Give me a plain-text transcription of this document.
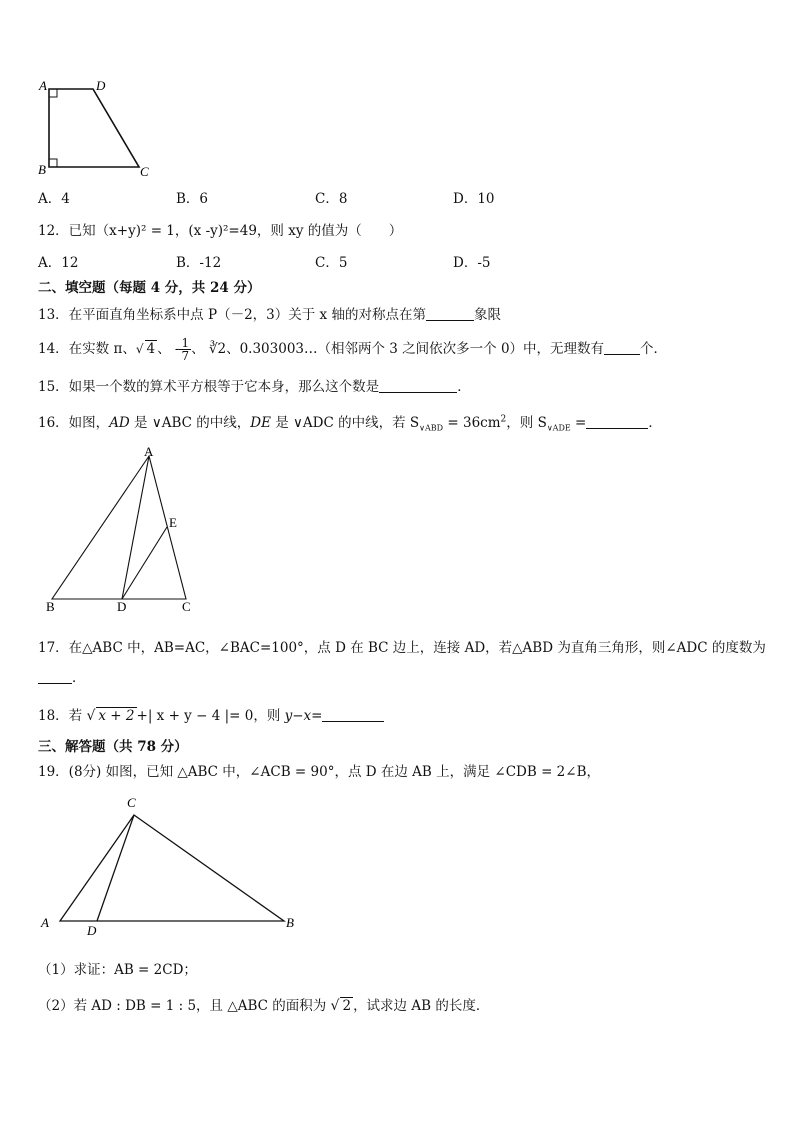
A	D
B	C
A．4	B．6	C．8	D．10
12．已知（x+y)² = 1，(x -y)²=49，则 xy 的值为（　　）
A．12	B．-12	C．5	D．-5
二、填空题（每题 4 分，共 24 分）
13．在平面直角坐标系中点 P（－2，3）关于 x 轴的对称点在第	象限
14．在实数 π、√ 4 、 - $\frac{1}{7}$ 、 ∛2、0.303003…（相邻两个 3 之间依次多一个 0）中，无理数有	个．
15．如果一个数的算术平方根等于它本身，那么这个数是	．
16．如图，AD 是 ∨ABC 的中线，DE 是 ∨ADC 的中线，若 $S_{\vee ABD} = 36cm^2$，则 $S_{\vee ADE}$ =	．
A
E
B	D	C
17．在△ABC 中，AB=AC，∠BAC=100°，点 D 在 BC 边上，连接 AD，若△ABD 为直角三角形，则∠ADC 的度数为
．
18．若 √ x + 2 +| x + y − 4 |= 0，则 y−x=
三、解答题（共 78 分）
19．(8分) 如图，已知 △ABC 中，∠ACB = 90°，点 D 在边 AB 上，满足 ∠CDB = 2∠B，
C
A
D
B
（1）求证：AB = 2CD；
（2）若 AD : DB = 1 : 5，且 △ABC 的面积为 √ 2 ，试求边 AB 的长度．
